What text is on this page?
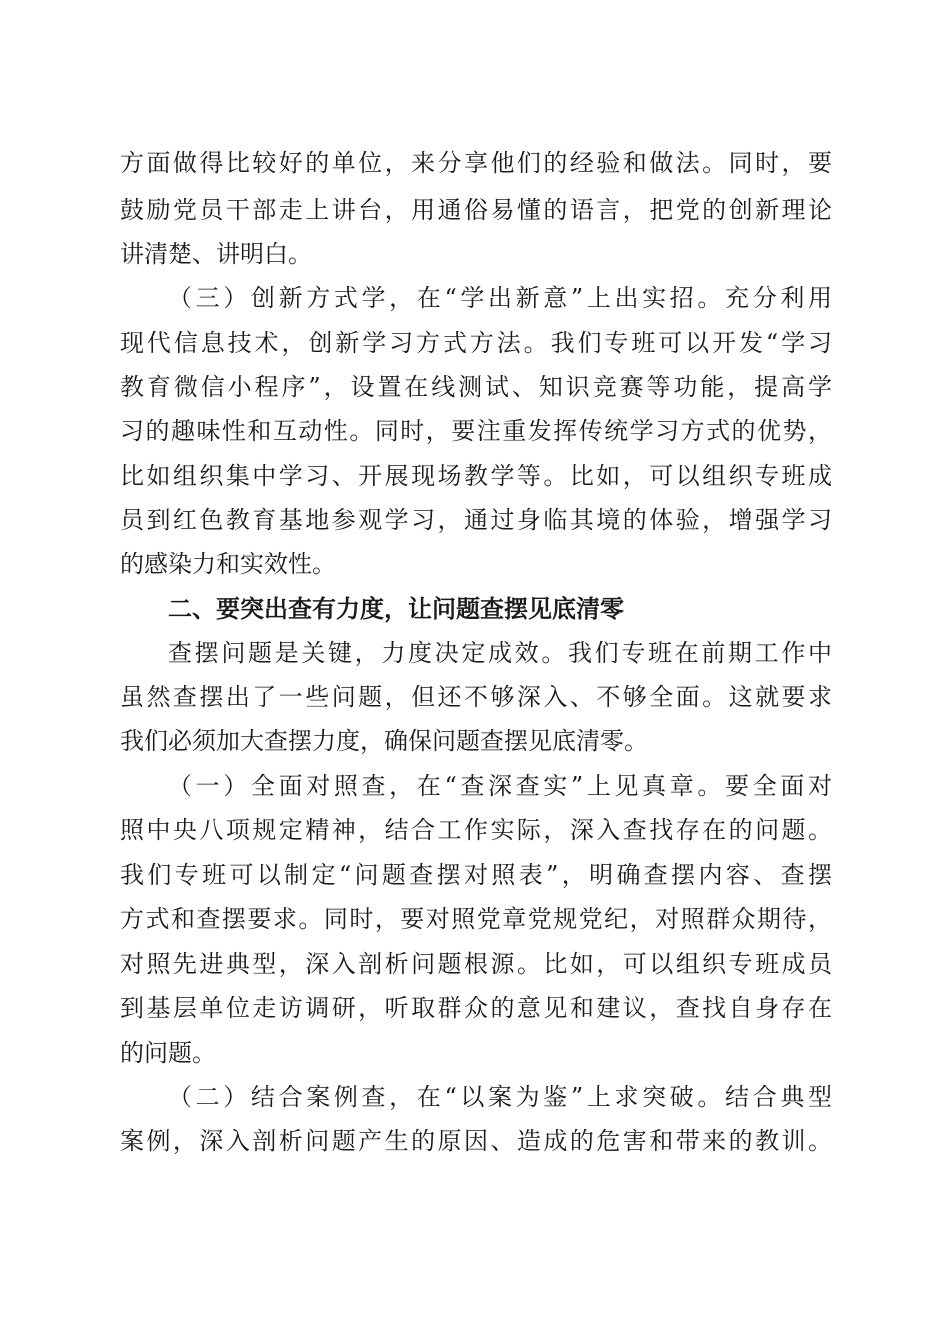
方面做得比较好的单位，来分享他们的经验和做法。同时，要
鼓励党员干部走上讲台，用通俗易懂的语言，把党的创新理论
讲清楚、讲明白。
（三）创新方式学，在“学出新意”上出实招。充分利用
现代信息技术，创新学习方式方法。我们专班可以开发“学习
教育微信小程序”，设置在线测试、知识竞赛等功能，提高学
习的趣味性和互动性。同时，要注重发挥传统学习方式的优势，
比如组织集中学习、开展现场教学等。比如，可以组织专班成
员到红色教育基地参观学习，通过身临其境的体验，增强学习
的感染力和实效性。
二、要突出查有力度，让问题查摆见底清零
查摆问题是关键，力度决定成效。我们专班在前期工作中
虽然查摆出了一些问题，但还不够深入、不够全面。这就要求
我们必须加大查摆力度，确保问题查摆见底清零。
（一）全面对照查，在“查深查实”上见真章。要全面对
照中央八项规定精神，结合工作实际，深入查找存在的问题。
我们专班可以制定“问题查摆对照表”，明确查摆内容、查摆
方式和查摆要求。同时，要对照党章党规党纪，对照群众期待，
对照先进典型，深入剖析问题根源。比如，可以组织专班成员
到基层单位走访调研，听取群众的意见和建议，查找自身存在
的问题。
（二）结合案例查，在“以案为鉴”上求突破。结合典型
案例，深入剖析问题产生的原因、造成的危害和带来的教训。
